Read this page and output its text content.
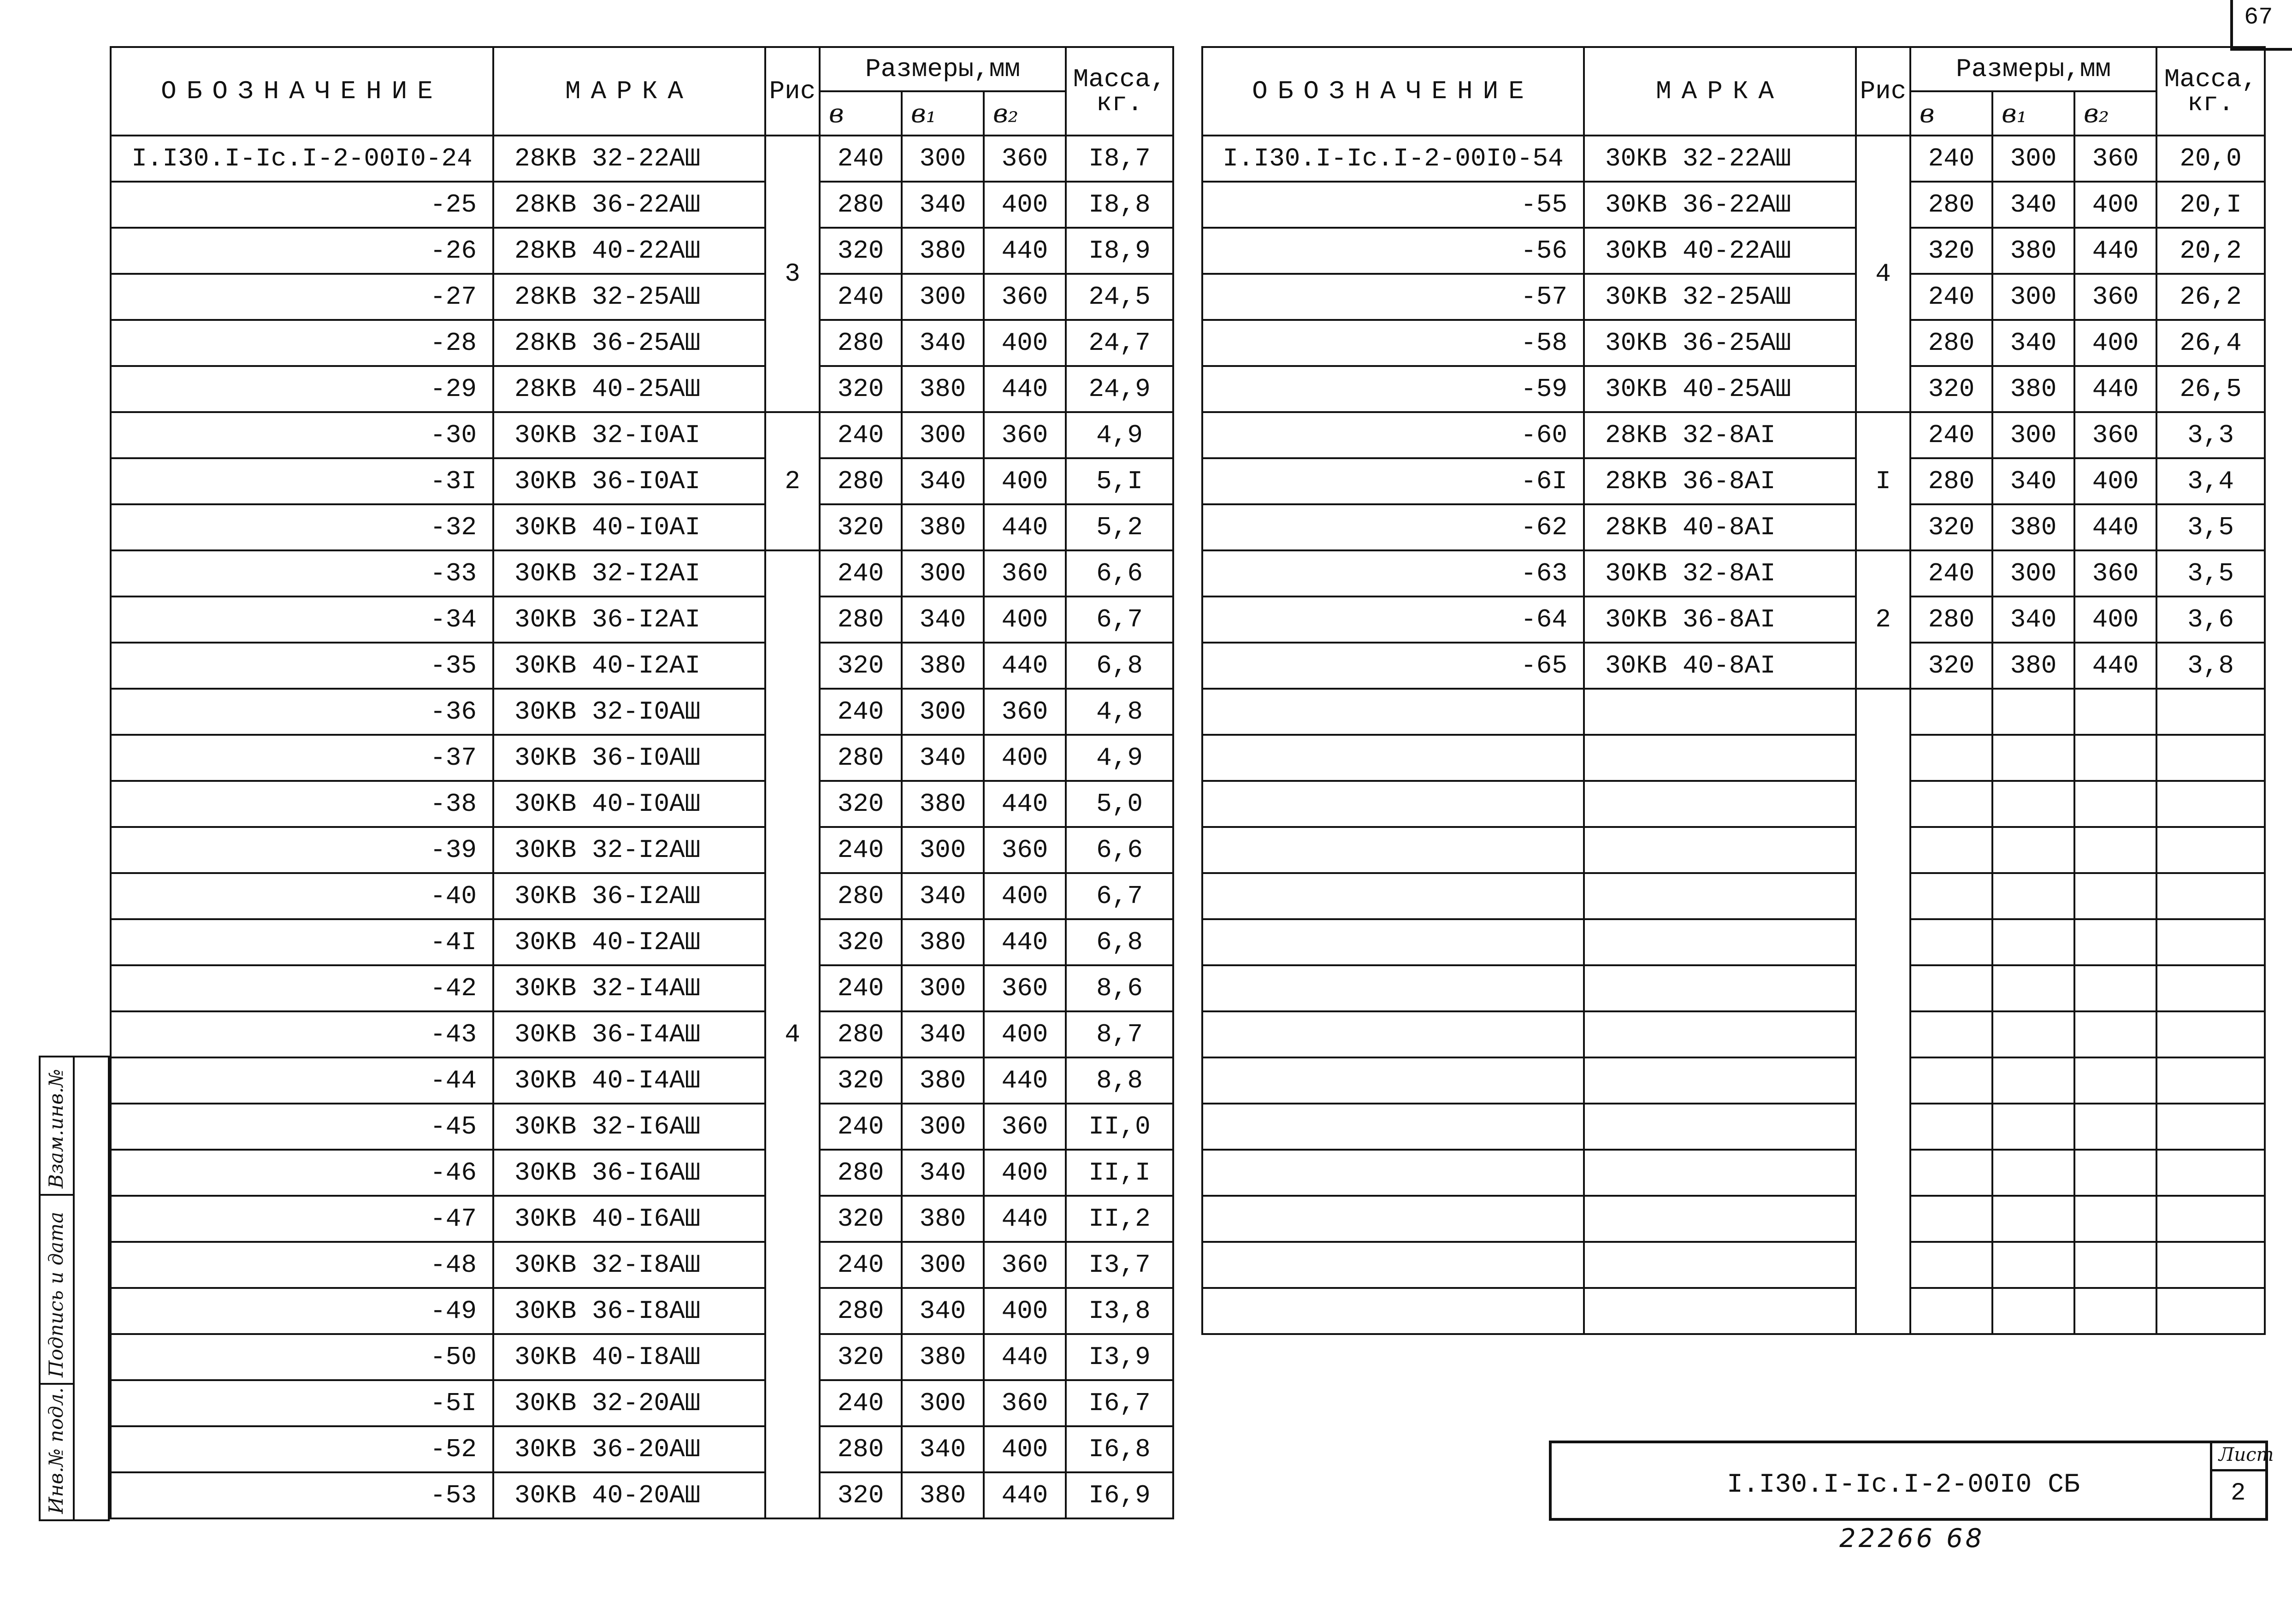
67
ОБОЗНАЧЕНИЕ	МАРКА	Рис	Размеры,мм			Масса,
кг.
			в	в₁	в₂	
I.I30.I-Ic.I-2-00I0-24	28КВ 32-22АШ	3	240	300	360	I8,7
-25	28КВ 36-22АШ		280	340	400	I8,8
-26	28КВ 40-22АШ		320	380	440	I8,9
-27	28КВ 32-25АШ		240	300	360	24,5
-28	28КВ 36-25АШ		280	340	400	24,7
-29	28КВ 40-25АШ		320	380	440	24,9
-30	30КВ 32-I0АI	2	240	300	360	4,9
-3I	30КВ 36-I0АI		280	340	400	5,I
-32	30КВ 40-I0АI		320	380	440	5,2
-33	30КВ 32-I2АI	4	240	300	360	6,6
-34	30КВ 36-I2АI		280	340	400	6,7
-35	30КВ 40-I2АI		320	380	440	6,8
-36	30КВ 32-I0АШ		240	300	360	4,8
-37	30КВ 36-I0АШ		280	340	400	4,9
-38	30КВ 40-I0АШ		320	380	440	5,0
-39	30КВ 32-I2АШ		240	300	360	6,6
-40	30КВ 36-I2АШ		280	340	400	6,7
-4I	30КВ 40-I2АШ		320	380	440	6,8
-42	30КВ 32-I4АШ		240	300	360	8,6
-43	30КВ 36-I4АШ		280	340	400	8,7
-44	30КВ 40-I4АШ		320	380	440	8,8
-45	30КВ 32-I6АШ		240	300	360	II,0
-46	30КВ 36-I6АШ		280	340	400	II,I
-47	30КВ 40-I6АШ		320	380	440	II,2
-48	30КВ 32-I8АШ		240	300	360	I3,7
-49	30КВ 36-I8АШ		280	340	400	I3,8
-50	30КВ 40-I8АШ		320	380	440	I3,9
-5I	30КВ 32-20АШ		240	300	360	I6,7
-52	30КВ 36-20АШ		280	340	400	I6,8
-53	30КВ 40-20АШ		320	380	440	I6,9
ОБОЗНАЧЕНИЕ	МАРКА	Рис	Размеры,мм			Масса,
кг.
			в	в₁	в₂	
I.I30.I-Ic.I-2-00I0-54	30КВ 32-22АШ	4	240	300	360	20,0
-55	30КВ 36-22АШ		280	340	400	20,I
-56	30КВ 40-22АШ		320	380	440	20,2
-57	30КВ 32-25АШ		240	300	360	26,2
-58	30КВ 36-25АШ		280	340	400	26,4
-59	30КВ 40-25АШ		320	380	440	26,5
-60	28КВ 32-8АI	I	240	300	360	3,3
-6I	28КВ 36-8АI		280	340	400	3,4
-62	28КВ 40-8АI		320	380	440	3,5
-63	30КВ 32-8АI	2	240	300	360	3,5
-64	30КВ 36-8АI		280	340	400	3,6
-65	30КВ 40-8АI		320	380	440	3,8

Взам.инв.№
Подпись и дата
Инв.№ подл.	I.I30.I-Ic.I-2-00I0 СБ
Лист
2
22266 68
